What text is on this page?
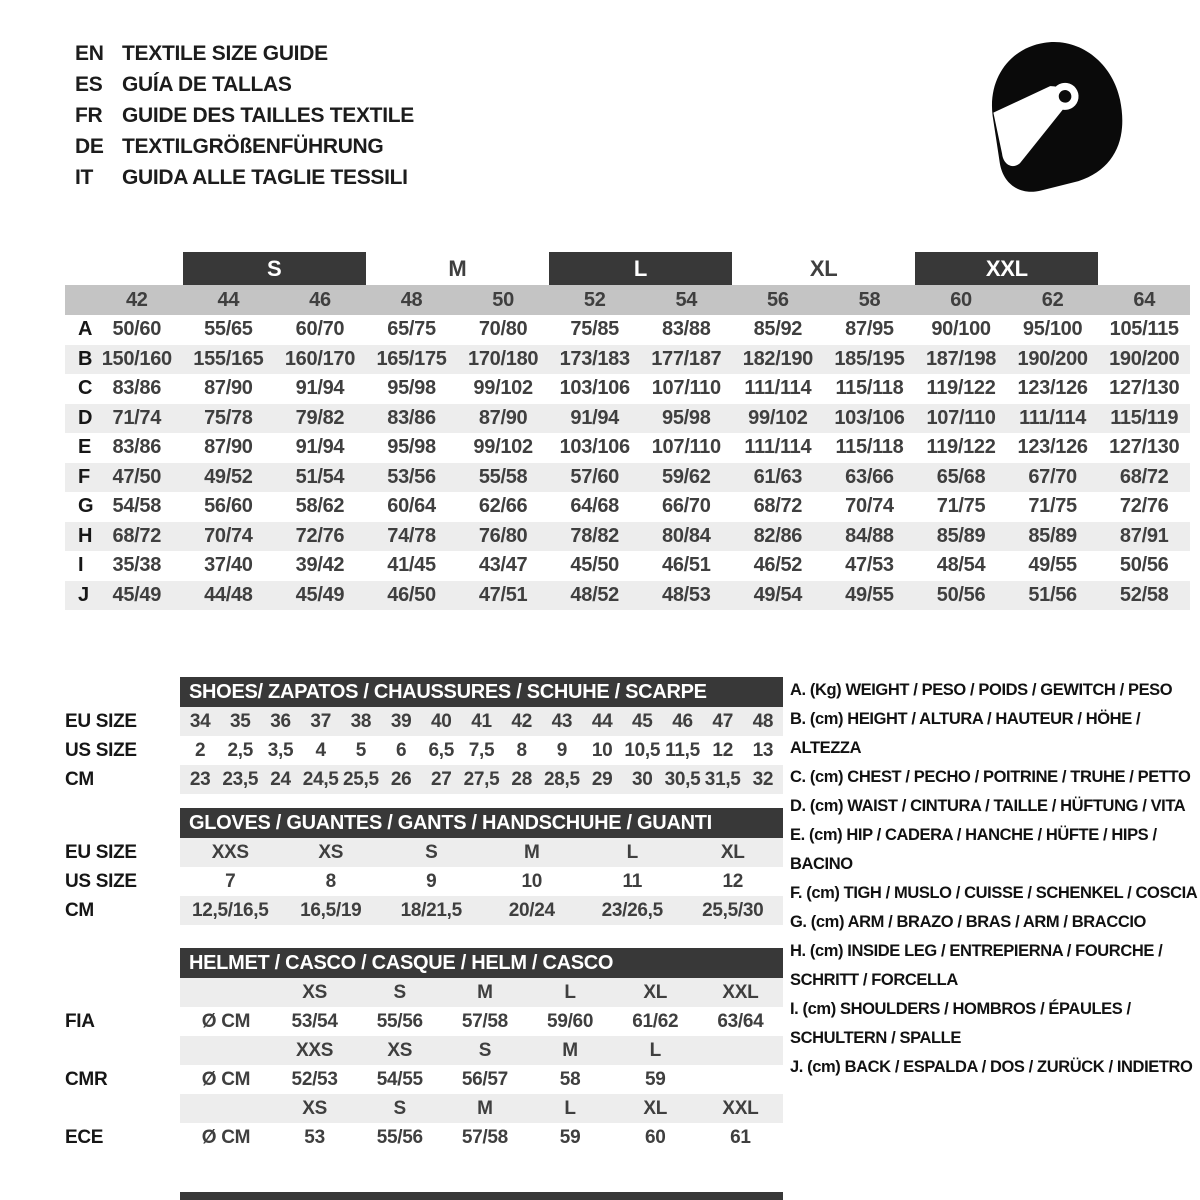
EN TEXTILE SIZE GUIDE
ES GUÍA DE TALLAS
FR GUIDE DES TAILLES TEXTILE
DE TEXTILGRÖßENFÜHRUNG
IT	GUIDA ALLE TAGLIE TESSILI
S	M	L	XL	XXL
42	44	46	48	50	52	54	56	58	60	62	64
A	50/60	55/65	60/70	65/75	70/80	75/85	83/88	85/92	87/95	90/100	95/100	105/115
B 150/160	155/165	160/170	165/175	170/180	173/183	177/187	182/190	185/195	187/198	190/200	190/200
C	83/86	87/90	91/94	95/98	99/102	103/106	107/110	111/114	115/118	119/122	123/126	127/130
D	71/74	75/78	79/82	83/86	87/90	91/94	95/98	99/102	103/106	107/110	111/114	115/119
E	83/86	87/90	91/94	95/98	99/102	103/106	107/110	111/114	115/118	119/122	123/126	127/130
F	47/50	49/52	51/54	53/56	55/58	57/60	59/62	61/63	63/66	65/68	67/70	68/72
G 54/58	56/60	58/62	60/64	62/66	64/68	66/70	68/72	70/74	71/75	71/75	72/76
H	68/72	70/74	72/76	74/78	76/80	78/82	80/84	82/86	84/88	85/89	85/89	87/91
I	35/38	37/40	39/42	41/45	43/47	45/50	46/51	46/52	47/53	48/54	49/55	50/56
J	45/49	44/48	45/49	46/50	47/51	48/52	48/53	49/54	49/55	50/56	51/56	52/58
SHOES/ ZAPATOS / CHAUSSURES / SCHUHE / SCARPE
EU SIZE	34	35	36	37	38	39	40	41	42	43	44	45	46	47	48
US SIZE	2	2,5 3,5	4	5	6	6,5 7,5	8	9	10 10,5 11,5 12	13
CM	23 23,5 24 24,5 25,5 26	27 27,5 28 28,5 29	30 30,5 31,5 32
GLOVES / GUANTES / GANTS / HANDSCHUHE / GUANTI
EU SIZE	XXS	XS	S	M	L	XL
US SIZE	7	8	9	10	11	12
CM	12,5/16,5	16,5/19	18/21,5	20/24	23/26,5	25,5/30
HELMET / CASCO / CASQUE / HELM / CASCO
XS	S	M	L	XL	XXL
FIA	Ø CM	53/54	55/56	57/58	59/60	61/62	63/64
XXS	XS	S	M	L
CMR	Ø CM	52/53	54/55	56/57	58	59
XS	S	M	L	XL	XXL
ECE	Ø CM	53	55/56	57/58	59	60	61
A. (Kg) WEIGHT / PESO / POIDS / GEWITCH / PESO
B. (cm) HEIGHT / ALTURA / HAUTEUR / HÖHE / ALTEZZA
C. (cm) CHEST / PECHO / POITRINE / TRUHE / PETTO
D. (cm) WAIST / CINTURA / TAILLE / HÜFTUNG / VITA
E. (cm) HIP / CADERA / HANCHE / HÜFTE / HIPS / BACINO
F. (cm) TIGH / MUSLO / CUISSE / SCHENKEL / COSCIA
G. (cm) ARM / BRAZO / BRAS / ARM / BRACCIO
H. (cm) INSIDE LEG / ENTREPIERNA / FOURCHE / SCHRITT / FORCELLA
I. (cm) SHOULDERS / HOMBROS / ÉPAULES / SCHULTERN / SPALLE
J. (cm) BACK / ESPALDA / DOS / ZURÜCK / INDIETRO
